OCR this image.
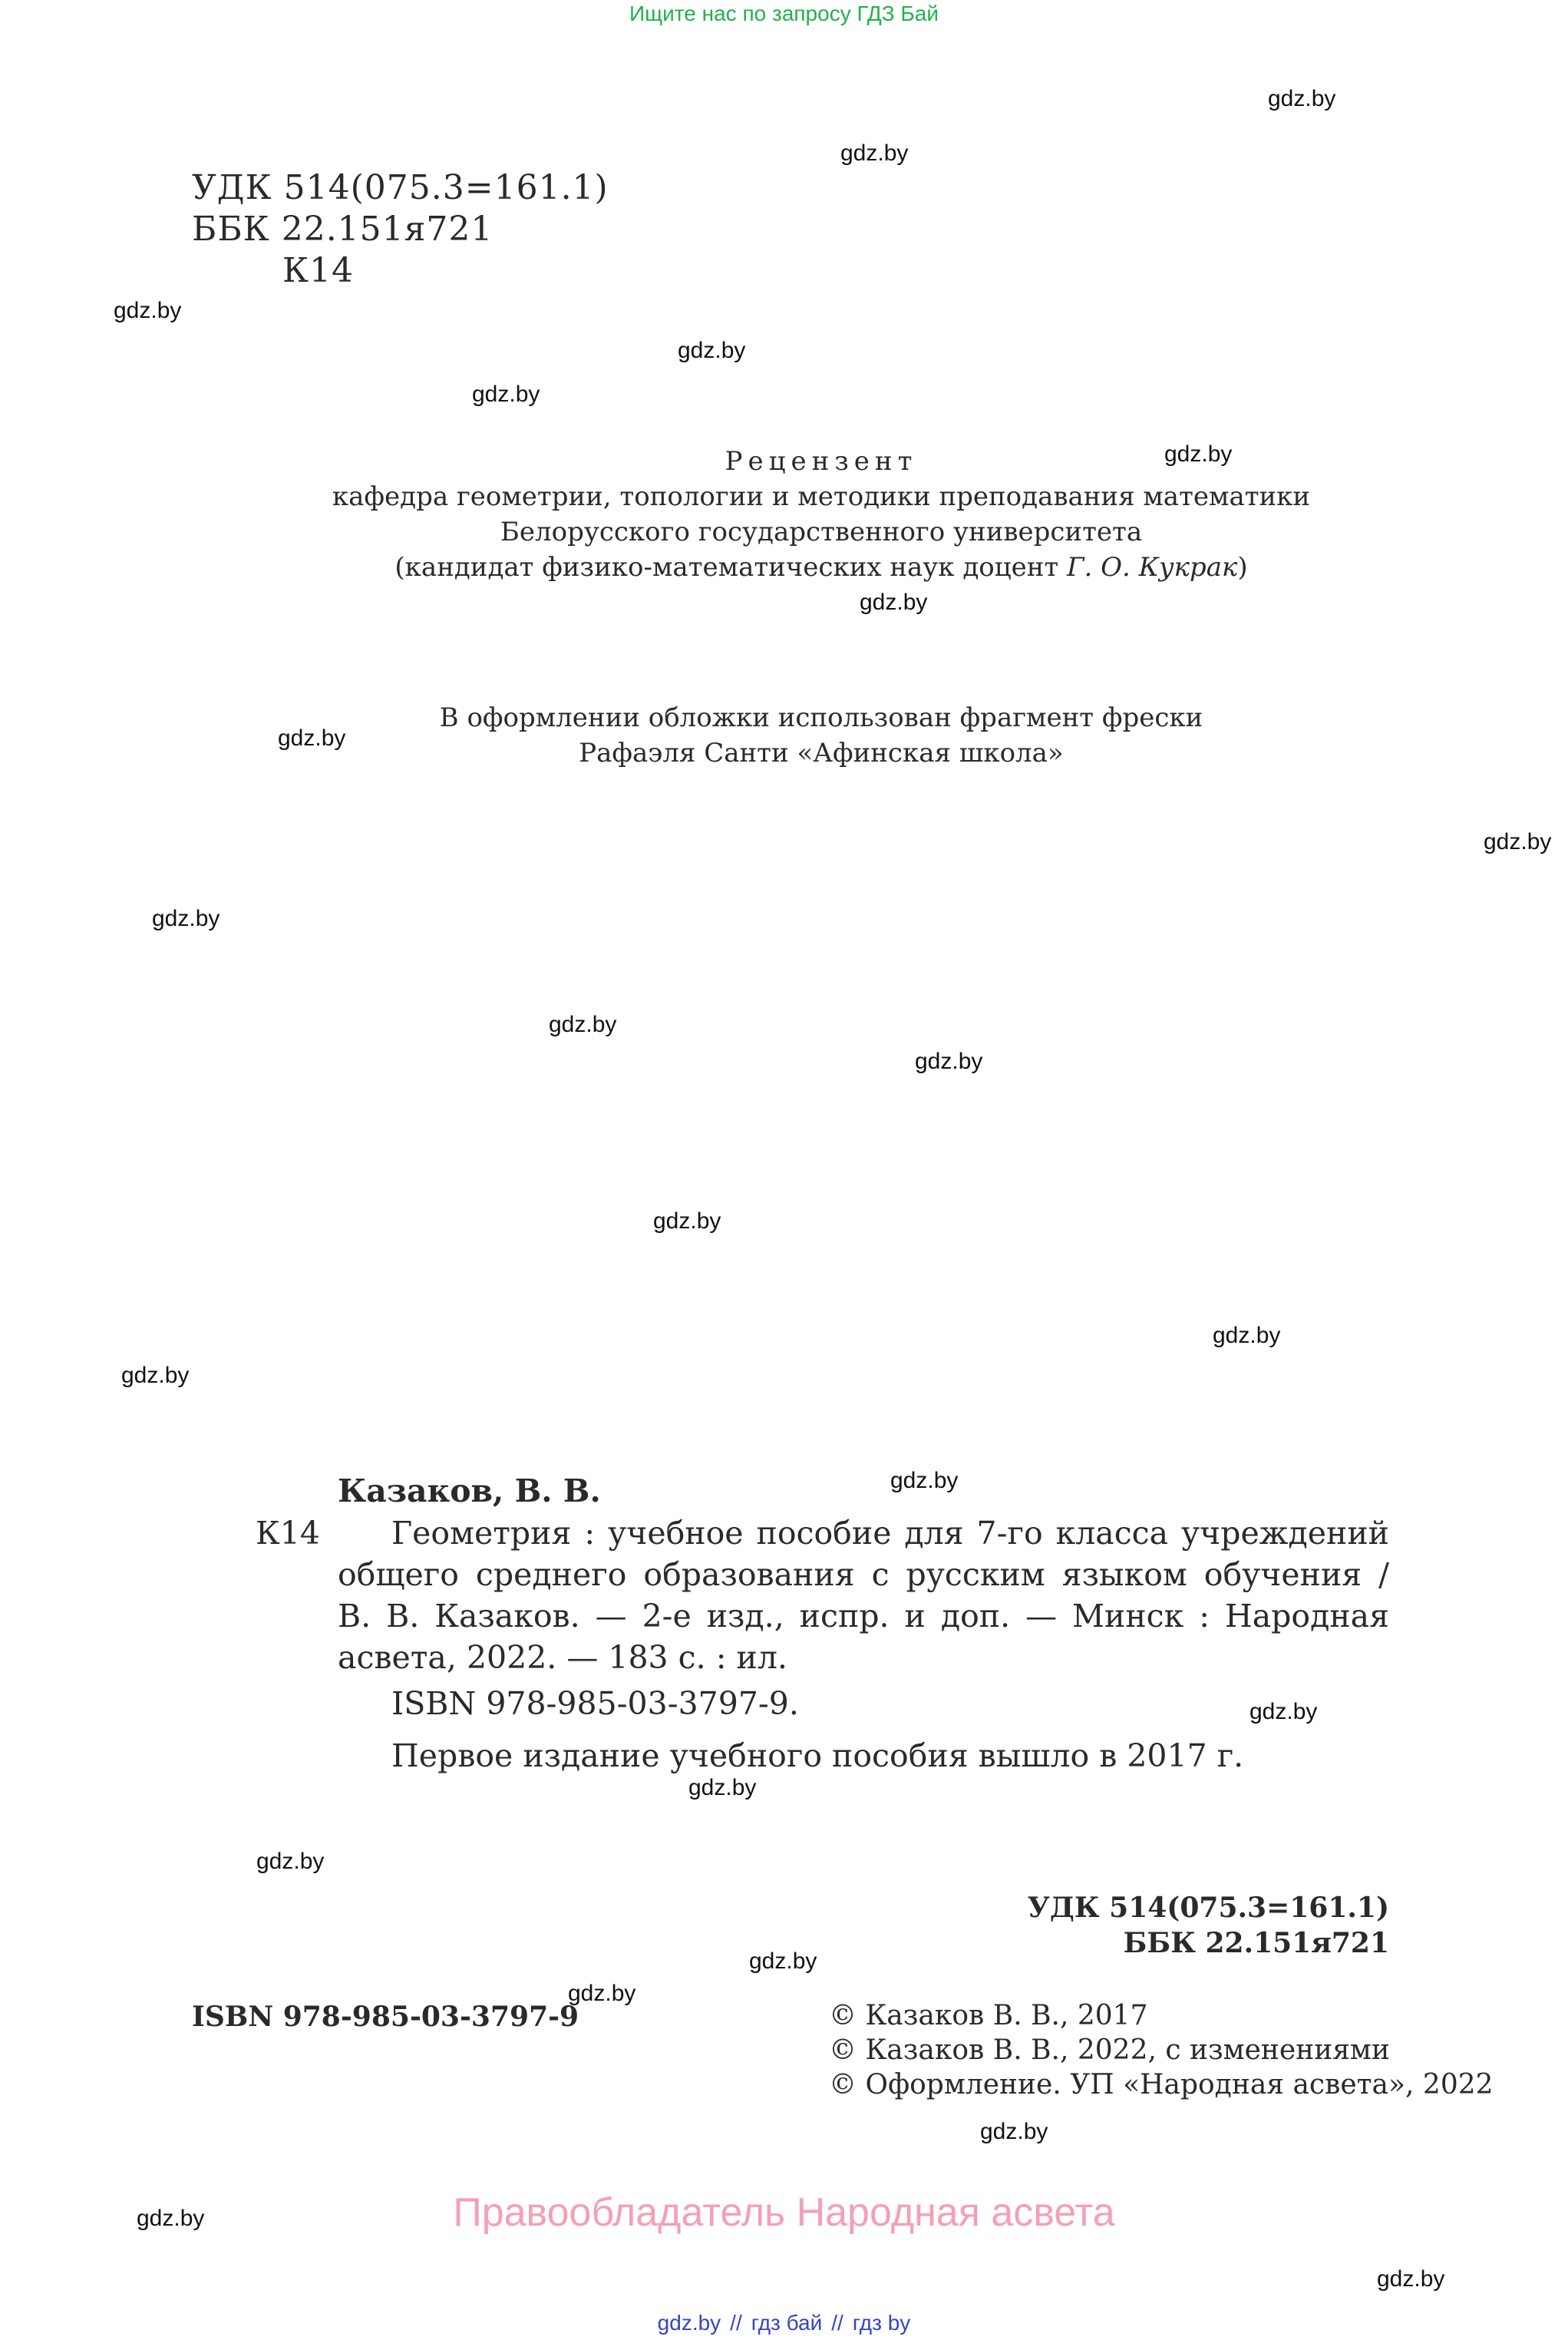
Ищите нас по запросу ГДЗ Бай
gdz.by
gdz.by
gdz.by
gdz.by
gdz.by
gdz.by
gdz.by
gdz.by
gdz.by
gdz.by
gdz.by
gdz.by
gdz.by
gdz.by
gdz.by
gdz.by
gdz.by
gdz.by
gdz.by
gdz.by
gdz.by
gdz.by
gdz.by
gdz.by
УДК 514(075.3=161.1)
ББК 22.151я721
К14
Рецензент
кафедра геометрии, топологии и методики преподавания математики
Белорусского государственного университета
(кандидат физико-математических наук доцент Г. О. Кукрак)
В оформлении обложки использован фрагмент фрески
Рафаэля Санти «Афинская школа»
Казаков, В. В.
К14	Геометрия : учебное пособие для 7-го класса учреждений
общего среднего образования с русским языком обучения /
В. В. Казаков. — 2-е изд., испр. и доп. — Минск : Народная
асвета, 2022. — 183 с. : ил.
ISBN 978-985-03-3797-9.
Первое издание учебного пособия вышло в 2017 г.
УДК 514(075.3=161.1)
ББК 22.151я721
ISBN 978-985-03-3797-9	© Казаков В. В., 2017
© Казаков В. В., 2022, с изменениями
© Оформление. УП «Народная асвета», 2022
Правообладатель Народная асвета
gdz.by // гдз бай // гдз by
